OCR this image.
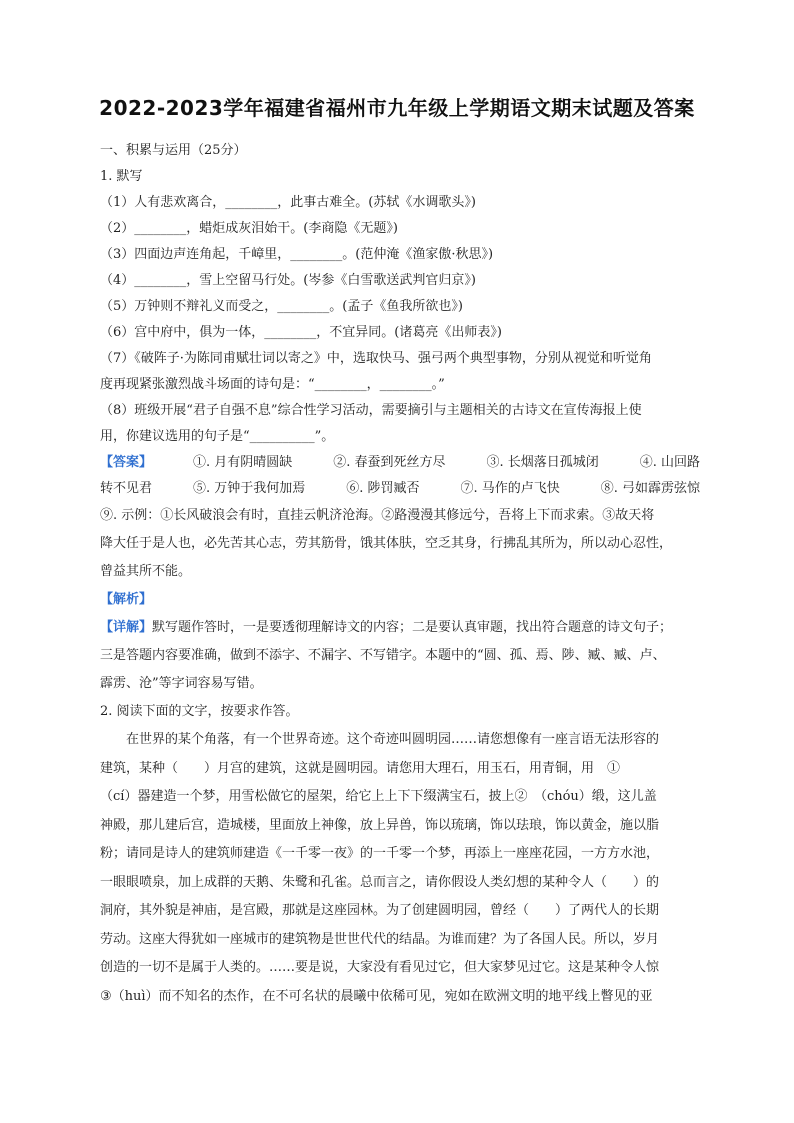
2022-2023学年福建省福州市九年级上学期语文期末试题及答案
一、积累与运用（25分）
1. 默写
（1）人有悲欢离合，________，此事古难全。(苏轼《水调歌头》)
（2）________，蜡炬成灰泪始干。(李商隐《无题》)
（3）四面边声连角起，千嶂里，________。(范仲淹《渔家傲·秋思》)
（4）________，雪上空留马行处。(岑参《白雪歌送武判官归京》)
（5）万钟则不辩礼义而受之，________。(孟子《鱼我所欲也》)
（6）宫中府中，俱为一体，________，不宜异同。(诸葛亮《出师表》)
（7）《破阵子·为陈同甫赋壮词以寄之》中，选取快马、强弓两个典型事物，分别从视觉和听觉角
度再现紧张激烈战斗场面的诗句是：“________，________。”
（8）班级开展“君子自强不息”综合性学习活动，需要摘引与主题相关的古诗文在宣传海报上使
用，你建议选用的句子是“__________”。
【答案】	①. 月有阴晴圆缺	②. 春蚕到死丝方尽	③. 长烟落日孤城闭	④. 山回路
转不见君	⑤. 万钟于我何加焉	⑥. 陟罚臧否	⑦. 马作的卢飞快	⑧. 弓如霹雳弦惊
⑨. 示例：①长风破浪会有时，直挂云帆济沧海。②路漫漫其修远兮，吾将上下而求索。③故天将
降大任于是人也，必先苦其心志，劳其筋骨，饿其体肤，空乏其身，行拂乱其所为，所以动心忍性，
曾益其所不能。
【解析】
【详解】默写题作答时，一是要透彻理解诗文的内容；二是要认真审题，找出符合题意的诗文句子；
三是答题内容要准确，做到不添字、不漏字、不写错字。本题中的“圆、孤、焉、陟、臧、臧、卢、
霹雳、沧”等字词容易写错。
2. 阅读下面的文字，按要求作答。
在世界的某个角落，有一个世界奇迹。这个奇迹叫圆明园……请您想像有一座言语无法形容的
建筑，某种（　　）月宫的建筑，这就是圆明园。请您用大理石，用玉石，用青铜，用　①　
（cí）器建造一个梦，用雪松做它的屋架，给它上上下下缀满宝石，披上②　（chóu）缎，这儿盖
神殿，那儿建后宫，造城楼，里面放上神像，放上异兽，饰以琉璃，饰以珐琅，饰以黄金，施以脂
粉；请同是诗人的建筑师建造《一千零一夜》的一千零一个梦，再添上一座座花园，一方方水池，
一眼眼喷泉，加上成群的天鹅、朱鹭和孔雀。总而言之，请你假设人类幻想的某种令人（　　）的
洞府，其外貌是神庙，是宫殿，那就是这座园林。为了创建圆明园，曾经（　　）了两代人的长期
劳动。这座大得犹如一座城市的建筑物是世世代代的结晶。为谁而建？为了各国人民。所以，岁月
创造的一切不是属于人类的。……要是说，大家没有看见过它，但大家梦见过它。这是某种令人惊
③（huì）而不知名的杰作，在不可名状的晨曦中依稀可见，宛如在欧洲文明的地平线上瞥见的亚
